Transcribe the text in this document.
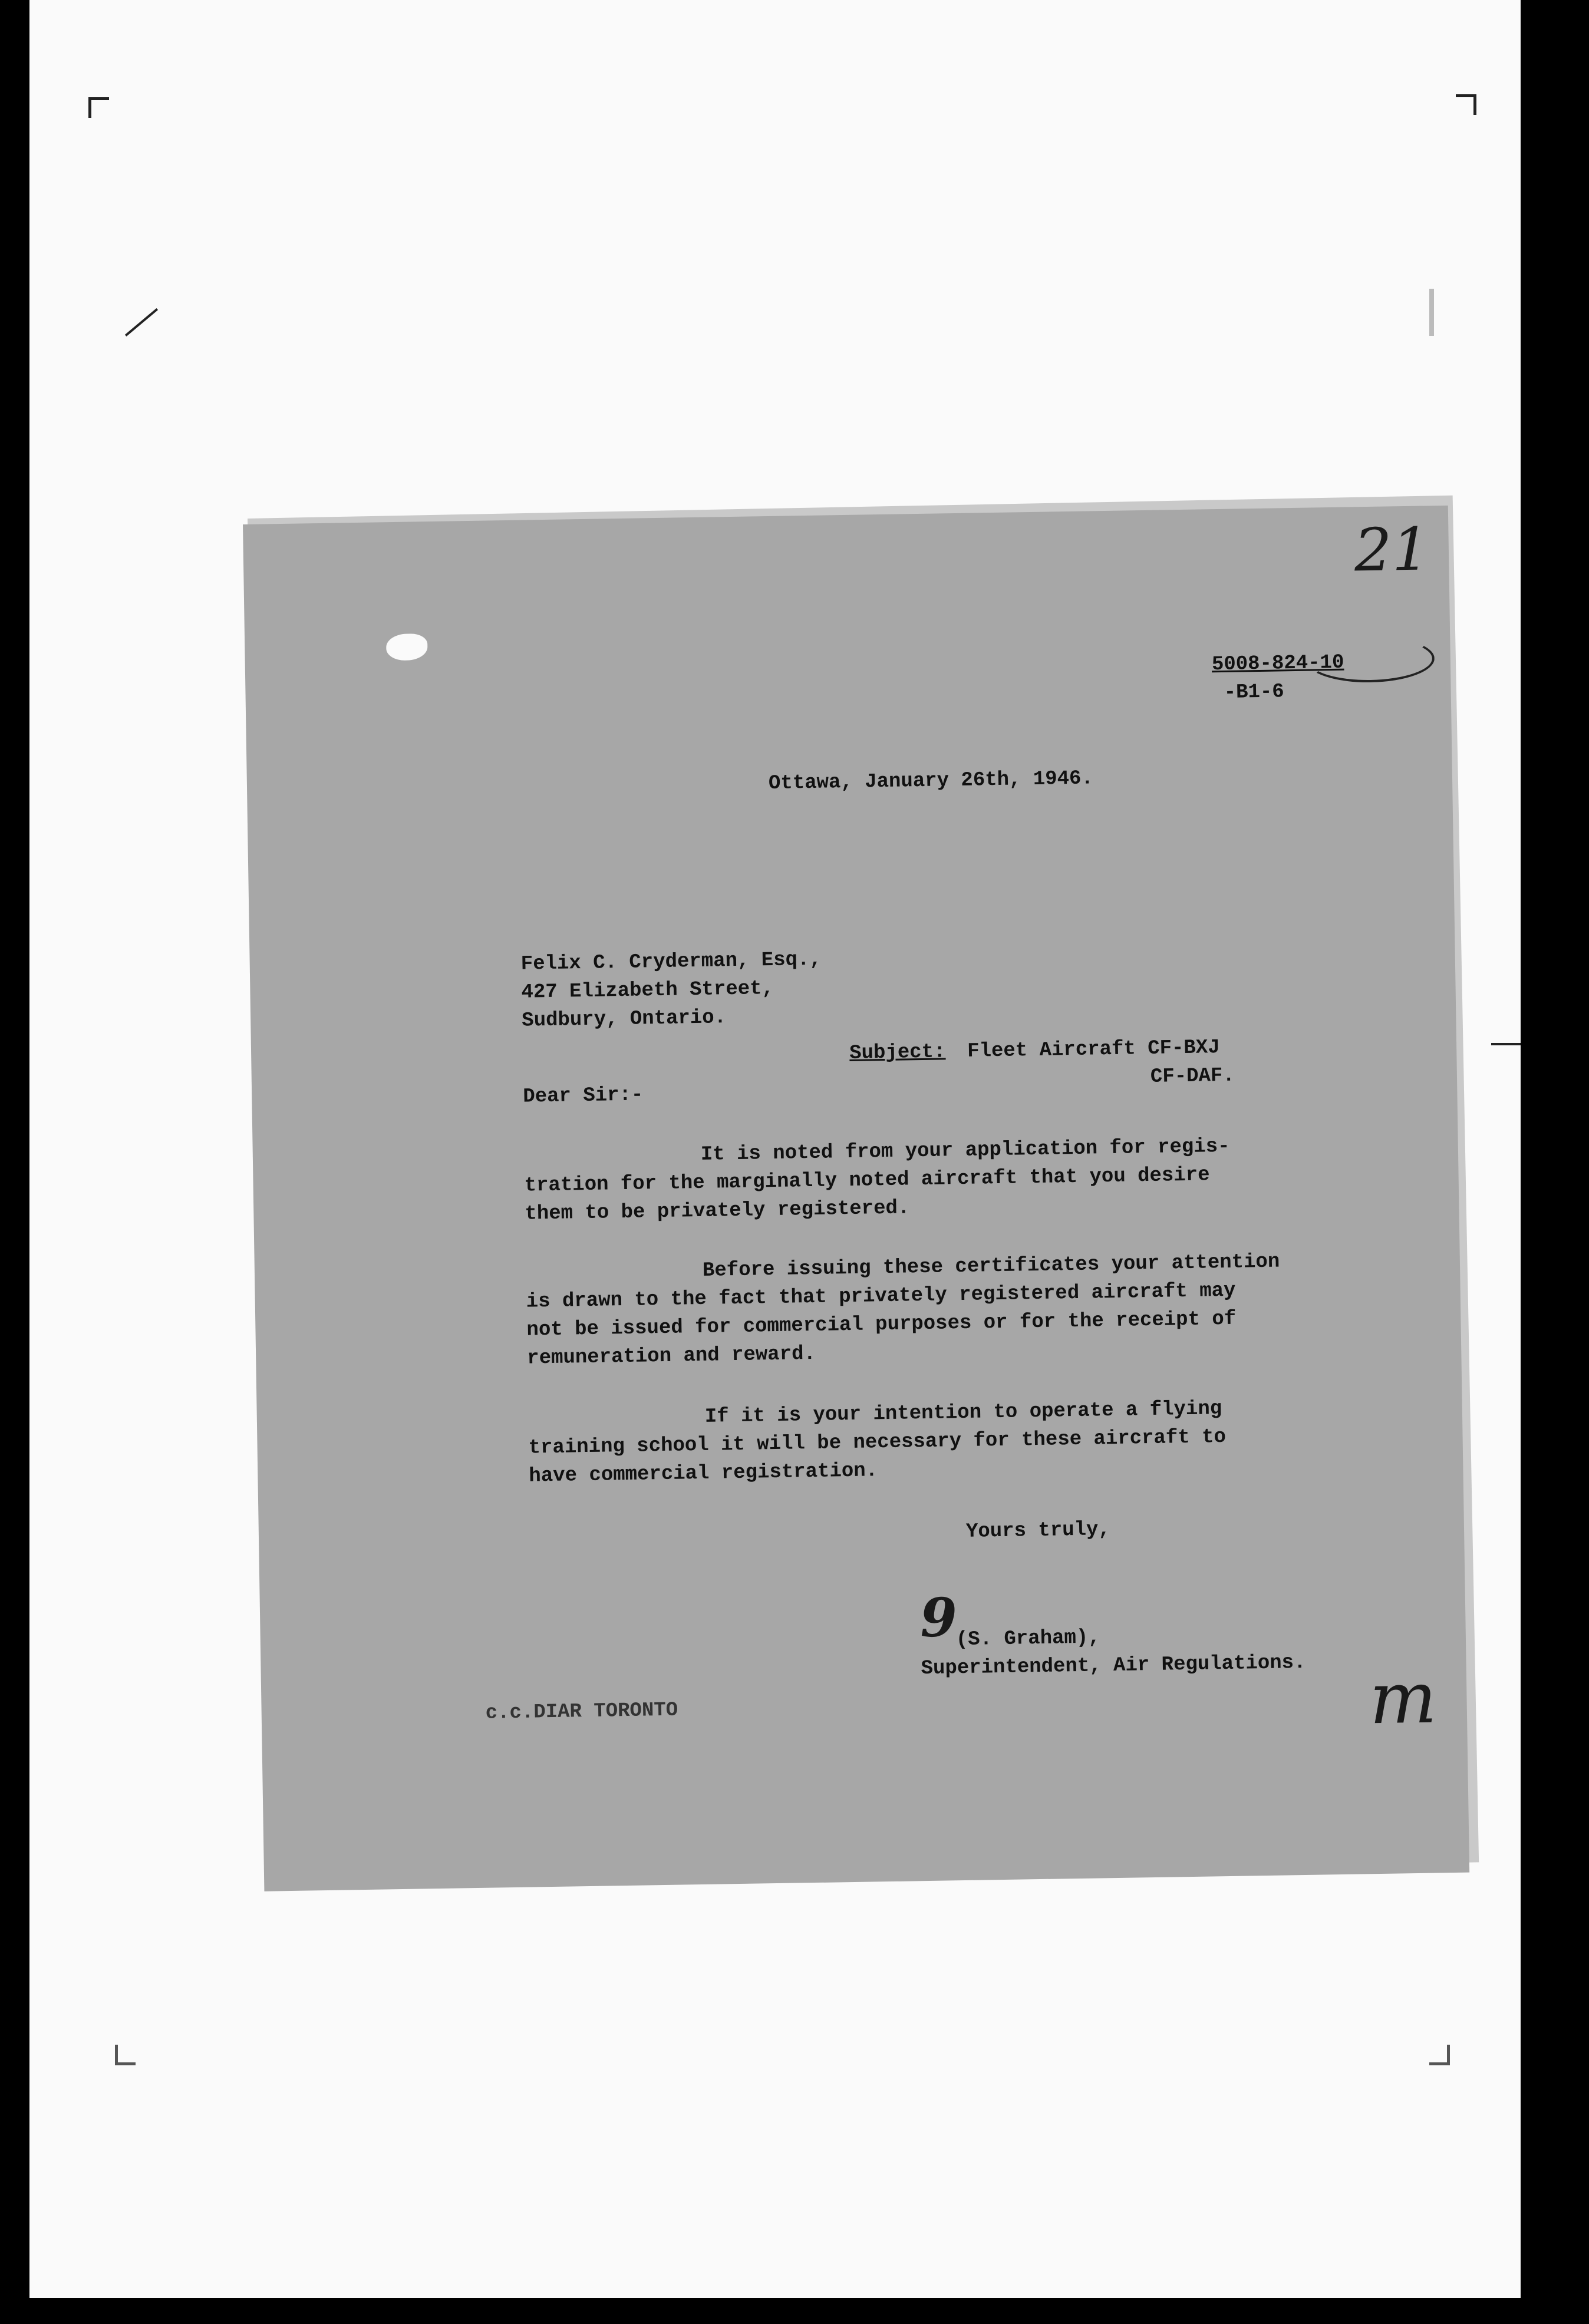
21
5008-824-10
-B1-6
Ottawa, January 26th, 1946.
Felix C. Cryderman, Esq.,
427 Elizabeth Street,
Sudbury, Ontario.
Subject: Fleet Aircraft CF-BXJ
CF-DAF.
Dear Sir:-
It is noted from your application for regis-
tration for the marginally noted aircraft that you desire
them to be privately registered.
Before issuing these certificates your attention
is drawn to the fact that privately registered aircraft may
not be issued for commercial purposes or for the receipt of
remuneration and reward.
If it is your intention to operate a flying
training school it will be necessary for these aircraft to
have commercial registration.
Yours truly,
9
(S. Graham),
Superintendent, Air Regulations.
c.c.DIAR TORONTO	m
